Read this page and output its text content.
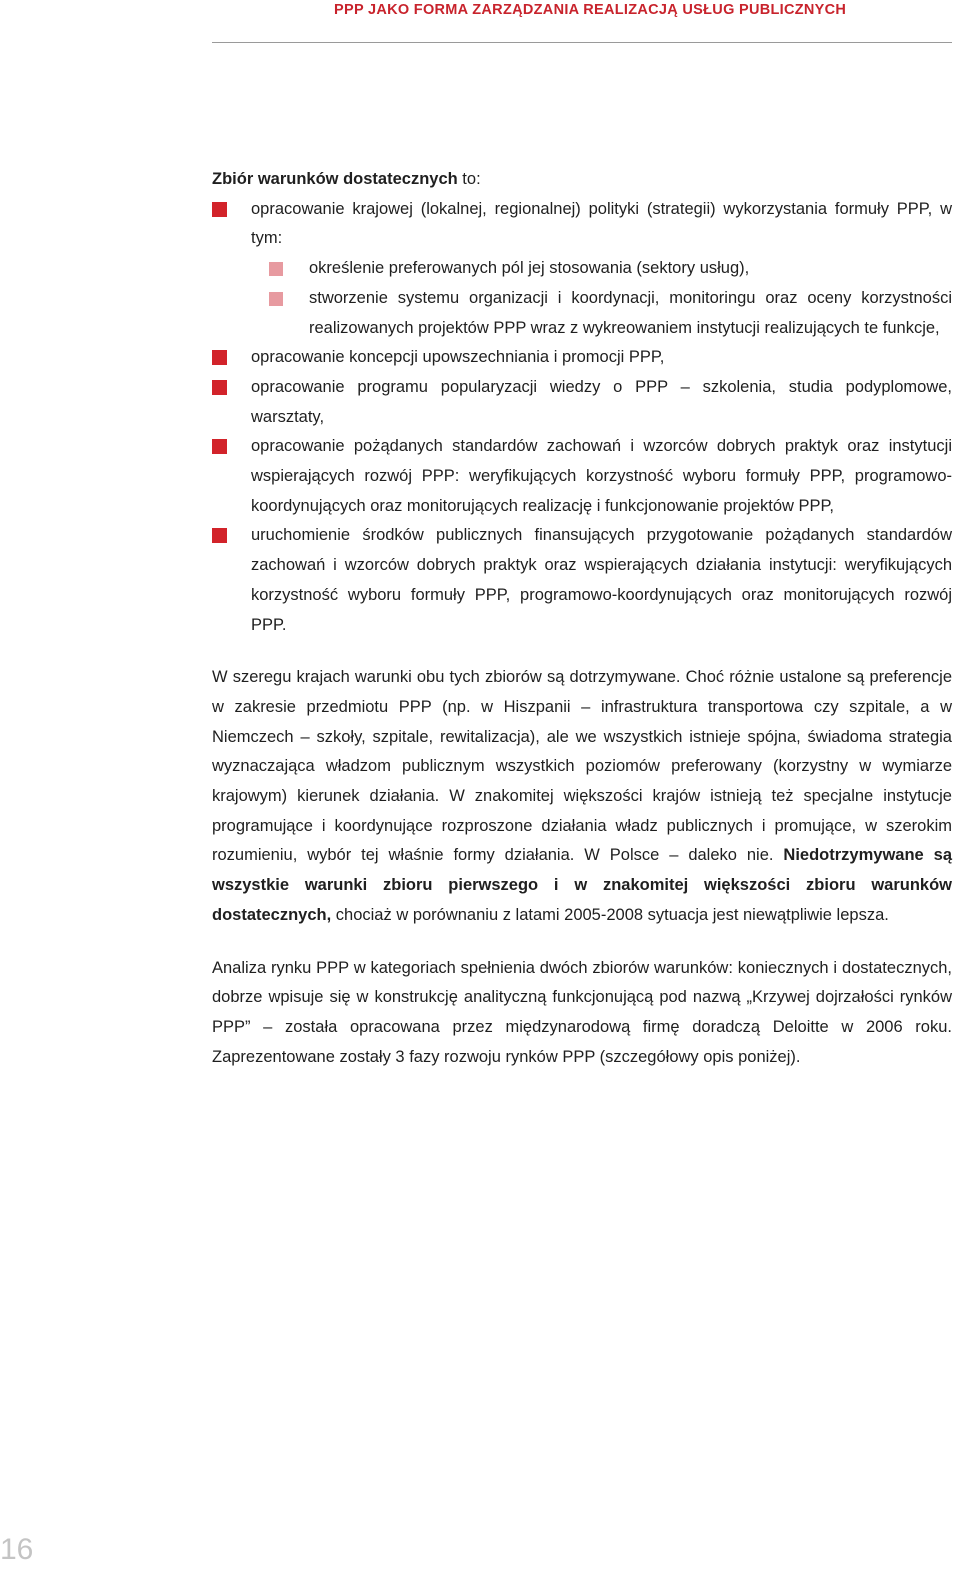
PPP JAKO FORMA ZARZĄDZANIA REALIZACJĄ USŁUG PUBLICZNYCH

Zbiór warunków dostatecznych to:

opracowanie krajowej (lokalnej, regionalnej) polityki (strategii) wykorzystania formuły PPP, w tym:
określenie preferowanych pól jej stosowania (sektory usług),
stworzenie systemu organizacji i koordynacji, monitoringu oraz oceny korzystności realizowanych projektów PPP wraz z wykreowaniem instytucji realizujących te funkcje,
opracowanie koncepcji upowszechniania i promocji PPP,
opracowanie programu popularyzacji wiedzy o PPP – szkolenia, studia podyplomowe, warsztaty,
opracowanie pożądanych standardów zachowań i wzorców dobrych praktyk oraz instytucji wspierających rozwój PPP: weryfikujących korzystność wyboru formuły PPP, programowo-koordynujących oraz monitorujących realizację i funkcjonowanie projektów PPP,
uruchomienie środków publicznych finansujących przygotowanie pożądanych standardów zachowań i wzorców dobrych praktyk oraz wspierających działania instytucji: weryfikujących korzystność wyboru formuły PPP, programowo-koordynujących oraz monitorujących rozwój PPP.

W szeregu krajach warunki obu tych zbiorów są dotrzymywane. Choć różnie ustalone są preferencje w zakresie przedmiotu PPP (np. w Hiszpanii – infrastruktura transportowa czy szpitale, a w Niemczech – szkoły, szpitale, rewitalizacja), ale we wszystkich istnieje spójna, świadoma strategia wyznaczająca władzom publicznym wszystkich poziomów preferowany (korzystny w wymiarze krajowym) kierunek działania. W znakomitej większości krajów istnieją też specjalne instytucje programujące i koordynujące rozproszone działania władz publicznych i promujące, w szerokim rozumieniu, wybór tej właśnie formy działania. W Polsce – daleko nie. Niedotrzymywane są wszystkie warunki zbioru pierwszego i w znakomitej większości zbioru warunków dostatecznych, chociaż w porównaniu z latami 2005-2008 sytuacja jest niewątpliwie lepsza.

Analiza rynku PPP w kategoriach spełnienia dwóch zbiorów warunków: koniecznych i dostatecznych, dobrze wpisuje się w konstrukcję analityczną funkcjonującą pod nazwą „Krzywej dojrzałości rynków PPP” – została opracowana przez międzynarodową firmę doradczą Deloitte w 2006 roku. Zaprezentowane zostały 3 fazy rozwoju rynków PPP (szczegółowy opis poniżej).

16
